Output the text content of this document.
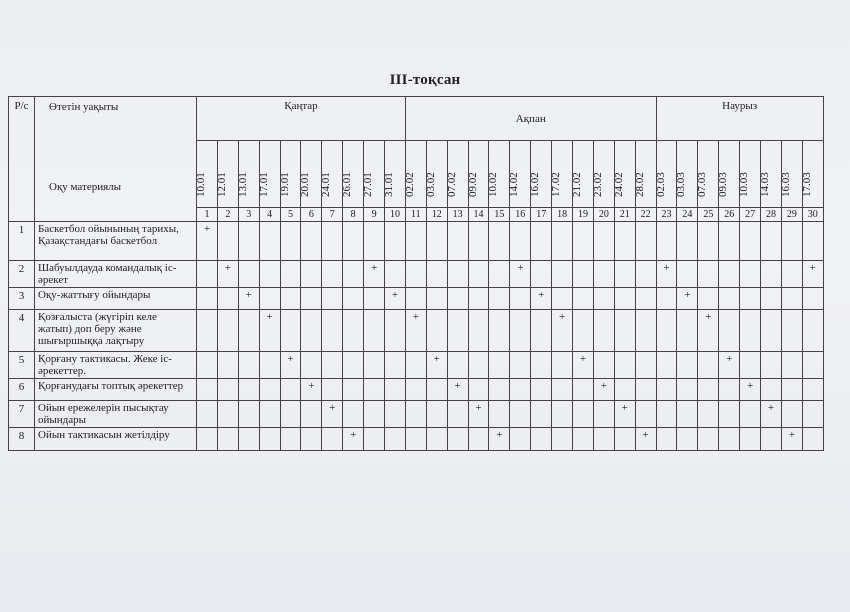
III-тоқсан
Р/с	Өтетін уақыты
Оқу материялы	Қаңтар										Ақпан												Наурыз							

		10.01	12.01	13.01	17.01	19.01	20.01	24.01	26.01	27.01	31.01	02.02	03.02	07.02	09.02	10.02	14.02	16.02	17.02	21.02	23.02	24.02	28.02	02.03	03.03	07.03	09.03	10.03	14.03	16.03	17.03

		1	2	3	4	5	6	7	8	9	10	11	12	13	14	15	16	17	18	19	20	21	22	23	24	25	26	27	28	29	30
1	Баскетбол ойынының тарихы, Қазақстандағы баскетбол	+																													
2	Шабуылдауда командалық іс-әрекет		+							+							+							+							+
3	Оқу-жаттығу ойындары			+							+							+							+						
4	Қозғалыста (жүгіріп келе жатып) доп беру және шығыршыққа лақтыру				+							+							+							+					
5	Қорғану тактикасы. Жеке іс-әрекеттер.					+							+							+							+				
6	Қорғанудағы топтық әрекеттер						+							+							+							+			
7	Ойын ережелерін пысықтау ойындары							+							+							+							+		
8	Ойын тактикасын жетілдіру								+							+							+							+	
